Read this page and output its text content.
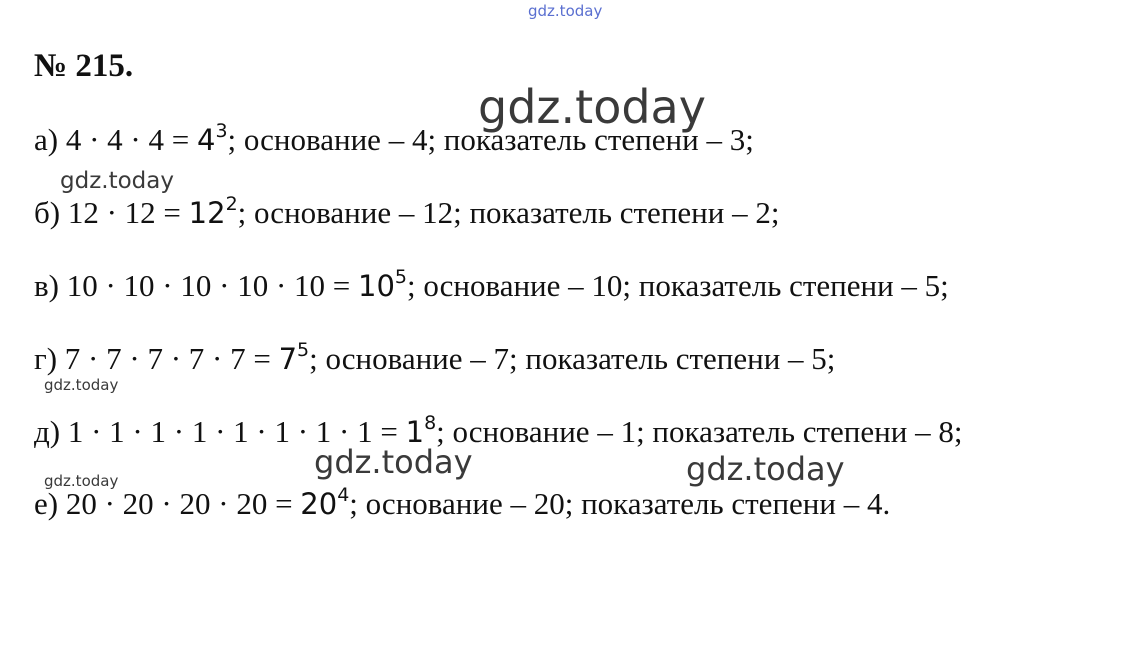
gdz.today
№ 215.
gdz.today
а) $4 \cdot 4 \cdot 4 = 4^3$; основание – 4; показатель степени – 3;
gdz.today
б) $12 \cdot 12 = 12^2$; основание – 12; показатель степени – 2;
в) $10 \cdot 10 \cdot 10 \cdot 10 \cdot 10 = 10^5$; основание – 10; показатель степени – 5;
г) $7 \cdot 7 \cdot 7 \cdot 7 \cdot 7 = 7^5$; основание – 7; показатель степени – 5;
gdz.today
д) $1 \cdot 1 \cdot 1 \cdot 1 \cdot 1 \cdot 1 \cdot 1 \cdot 1 = 1^8$; основание – 1; показатель степени – 8;
gdz.today	gdz.today
gdz.today
е) $20 \cdot 20 \cdot 20 \cdot 20 = 20^4$; основание – 20; показатель степени – 4.
